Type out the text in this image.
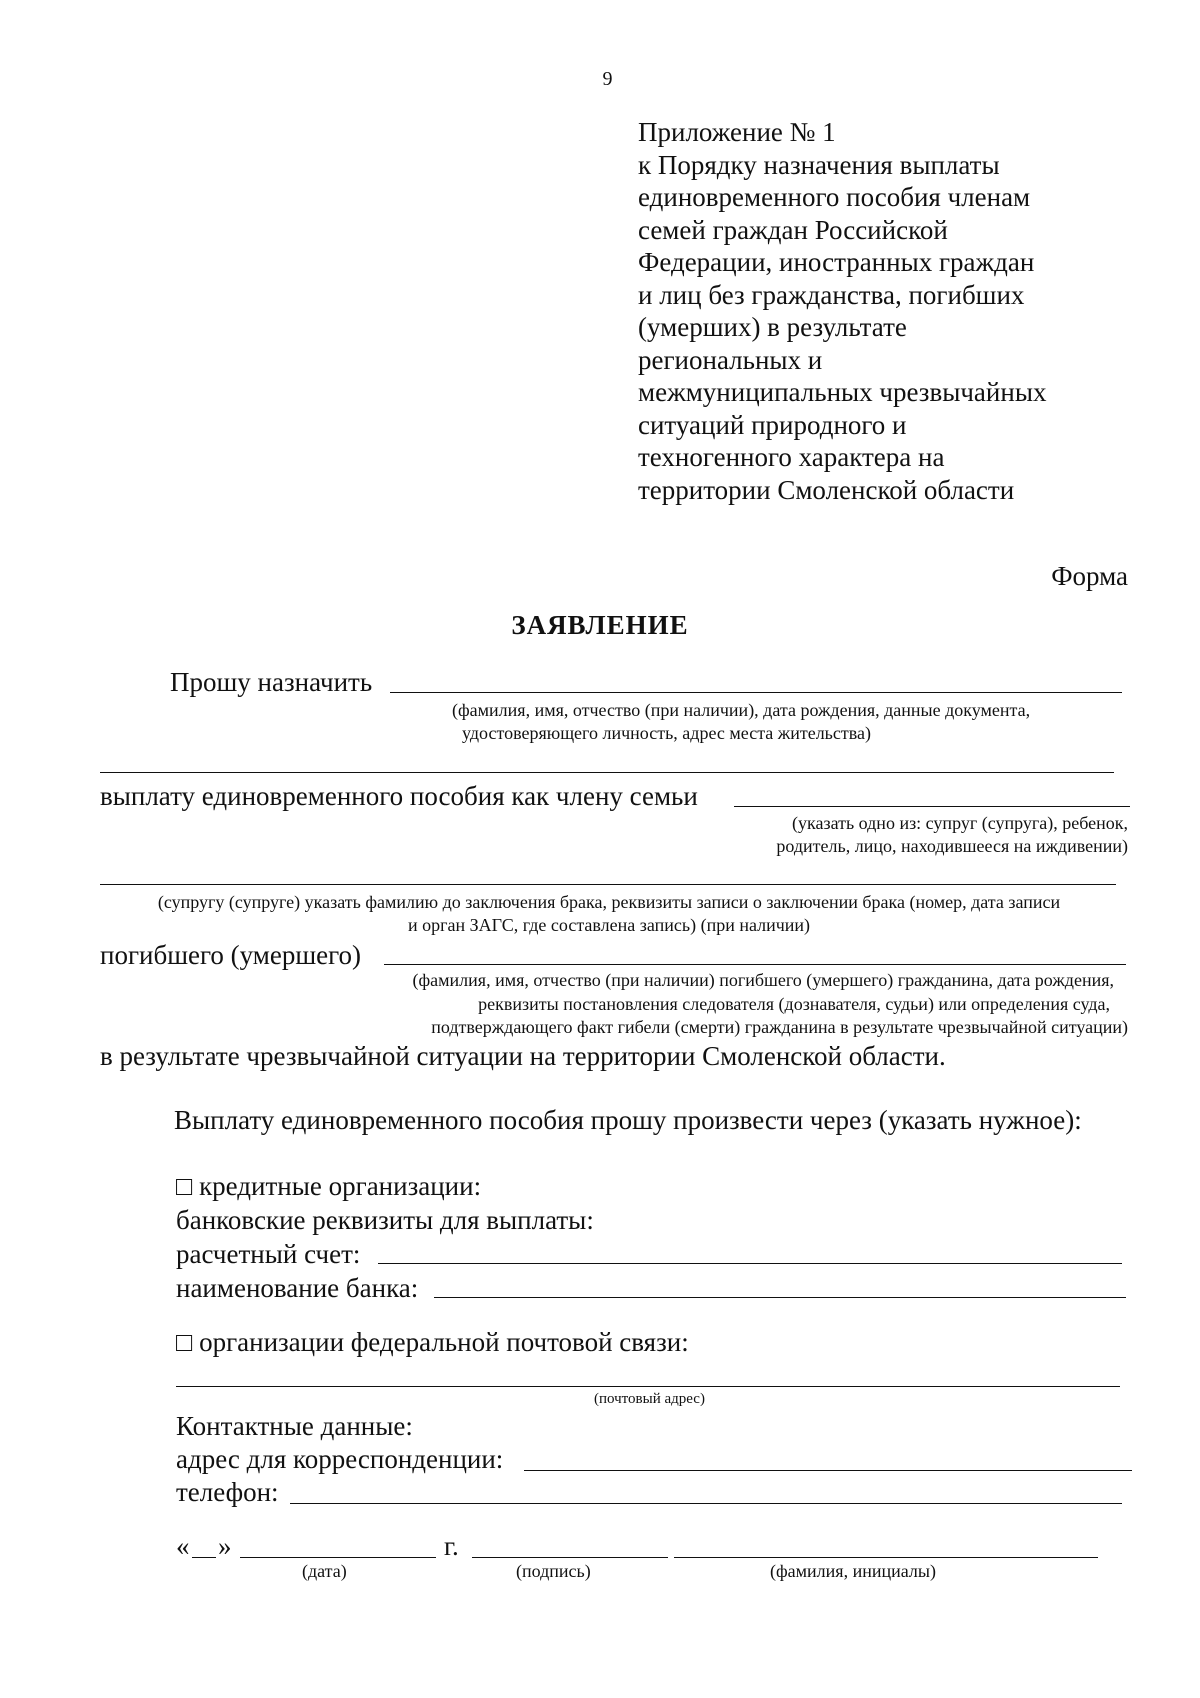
9
Приложение № 1
к Порядку назначения выплаты
единовременного пособия членам
семей граждан Российской
Федерации, иностранных граждан
и лиц без гражданства, погибших
(умерших) в результате
региональных и
межмуниципальных чрезвычайных
ситуаций природного и
техногенного характера на
территории Смоленской области
Форма
ЗАЯВЛЕНИЕ
Прошу назначить
(фамилия, имя, отчество (при наличии), дата рождения, данные документа,
удостоверяющего личность, адрес места жительства)
выплату единовременного пособия как члену семьи
(указать одно из: супруг (супруга), ребенок,
родитель, лицо, находившееся на иждивении)
(супругу (супруге) указать фамилию до заключения брака, реквизиты записи о заключении брака (номер, дата записи
и орган ЗАГС, где составлена запись) (при наличии)
погибшего (умершего)
(фамилия, имя, отчество (при наличии) погибшего (умершего) гражданина, дата рождения,
реквизиты постановления следователя (дознавателя, судьи) или определения суда,
подтверждающего факт гибели (смерти) гражданина в результате чрезвычайной ситуации)
в результате чрезвычайной ситуации на территории Смоленской области.
Выплату единовременного пособия прошу произвести через (указать нужное):
□ кредитные организации:
банковские реквизиты для выплаты:
расчетный счет:
наименование банка:
□ организации федеральной почтовой связи:
(почтовый адрес)
Контактные данные:
адрес для корреспонденции:
телефон:
« »	г.
(дата)	(подпись)	(фамилия, инициалы)
